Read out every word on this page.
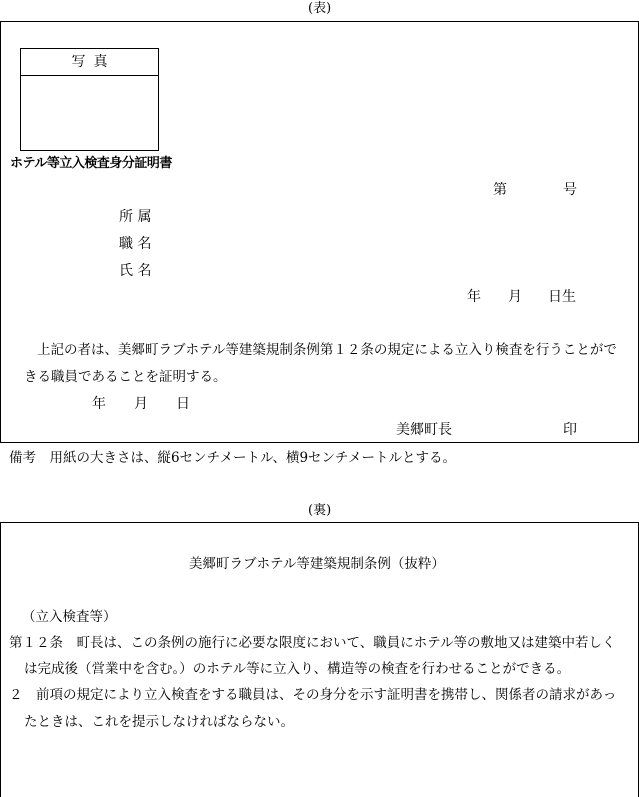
(表)
写真
ホテル等立入検査身分証明書
第	号
所 属
職 名
氏 名
年 月 日生
上記の者は、美郷町ラブホテル等建築規制条例第１２条の規定による立入り検査を行うことがで
きる職員であることを証明する。
年 月 日
美郷町長	印
備考　用紙の大きさは、縦6センチメートル、横9センチメートルとする。
(裏)
美郷町ラブホテル等建築規制条例（抜粋）
（立入検査等）
第１２条　町長は、この条例の施行に必要な限度において、職員にホテル等の敷地又は建築中若しく
は完成後（営業中を含む。）のホテル等に立入り、構造等の検査を行わせることができる。
２　前項の規定により立入検査をする職員は、その身分を示す証明書を携帯し、関係者の請求があっ
たときは、これを提示しなければならない。
